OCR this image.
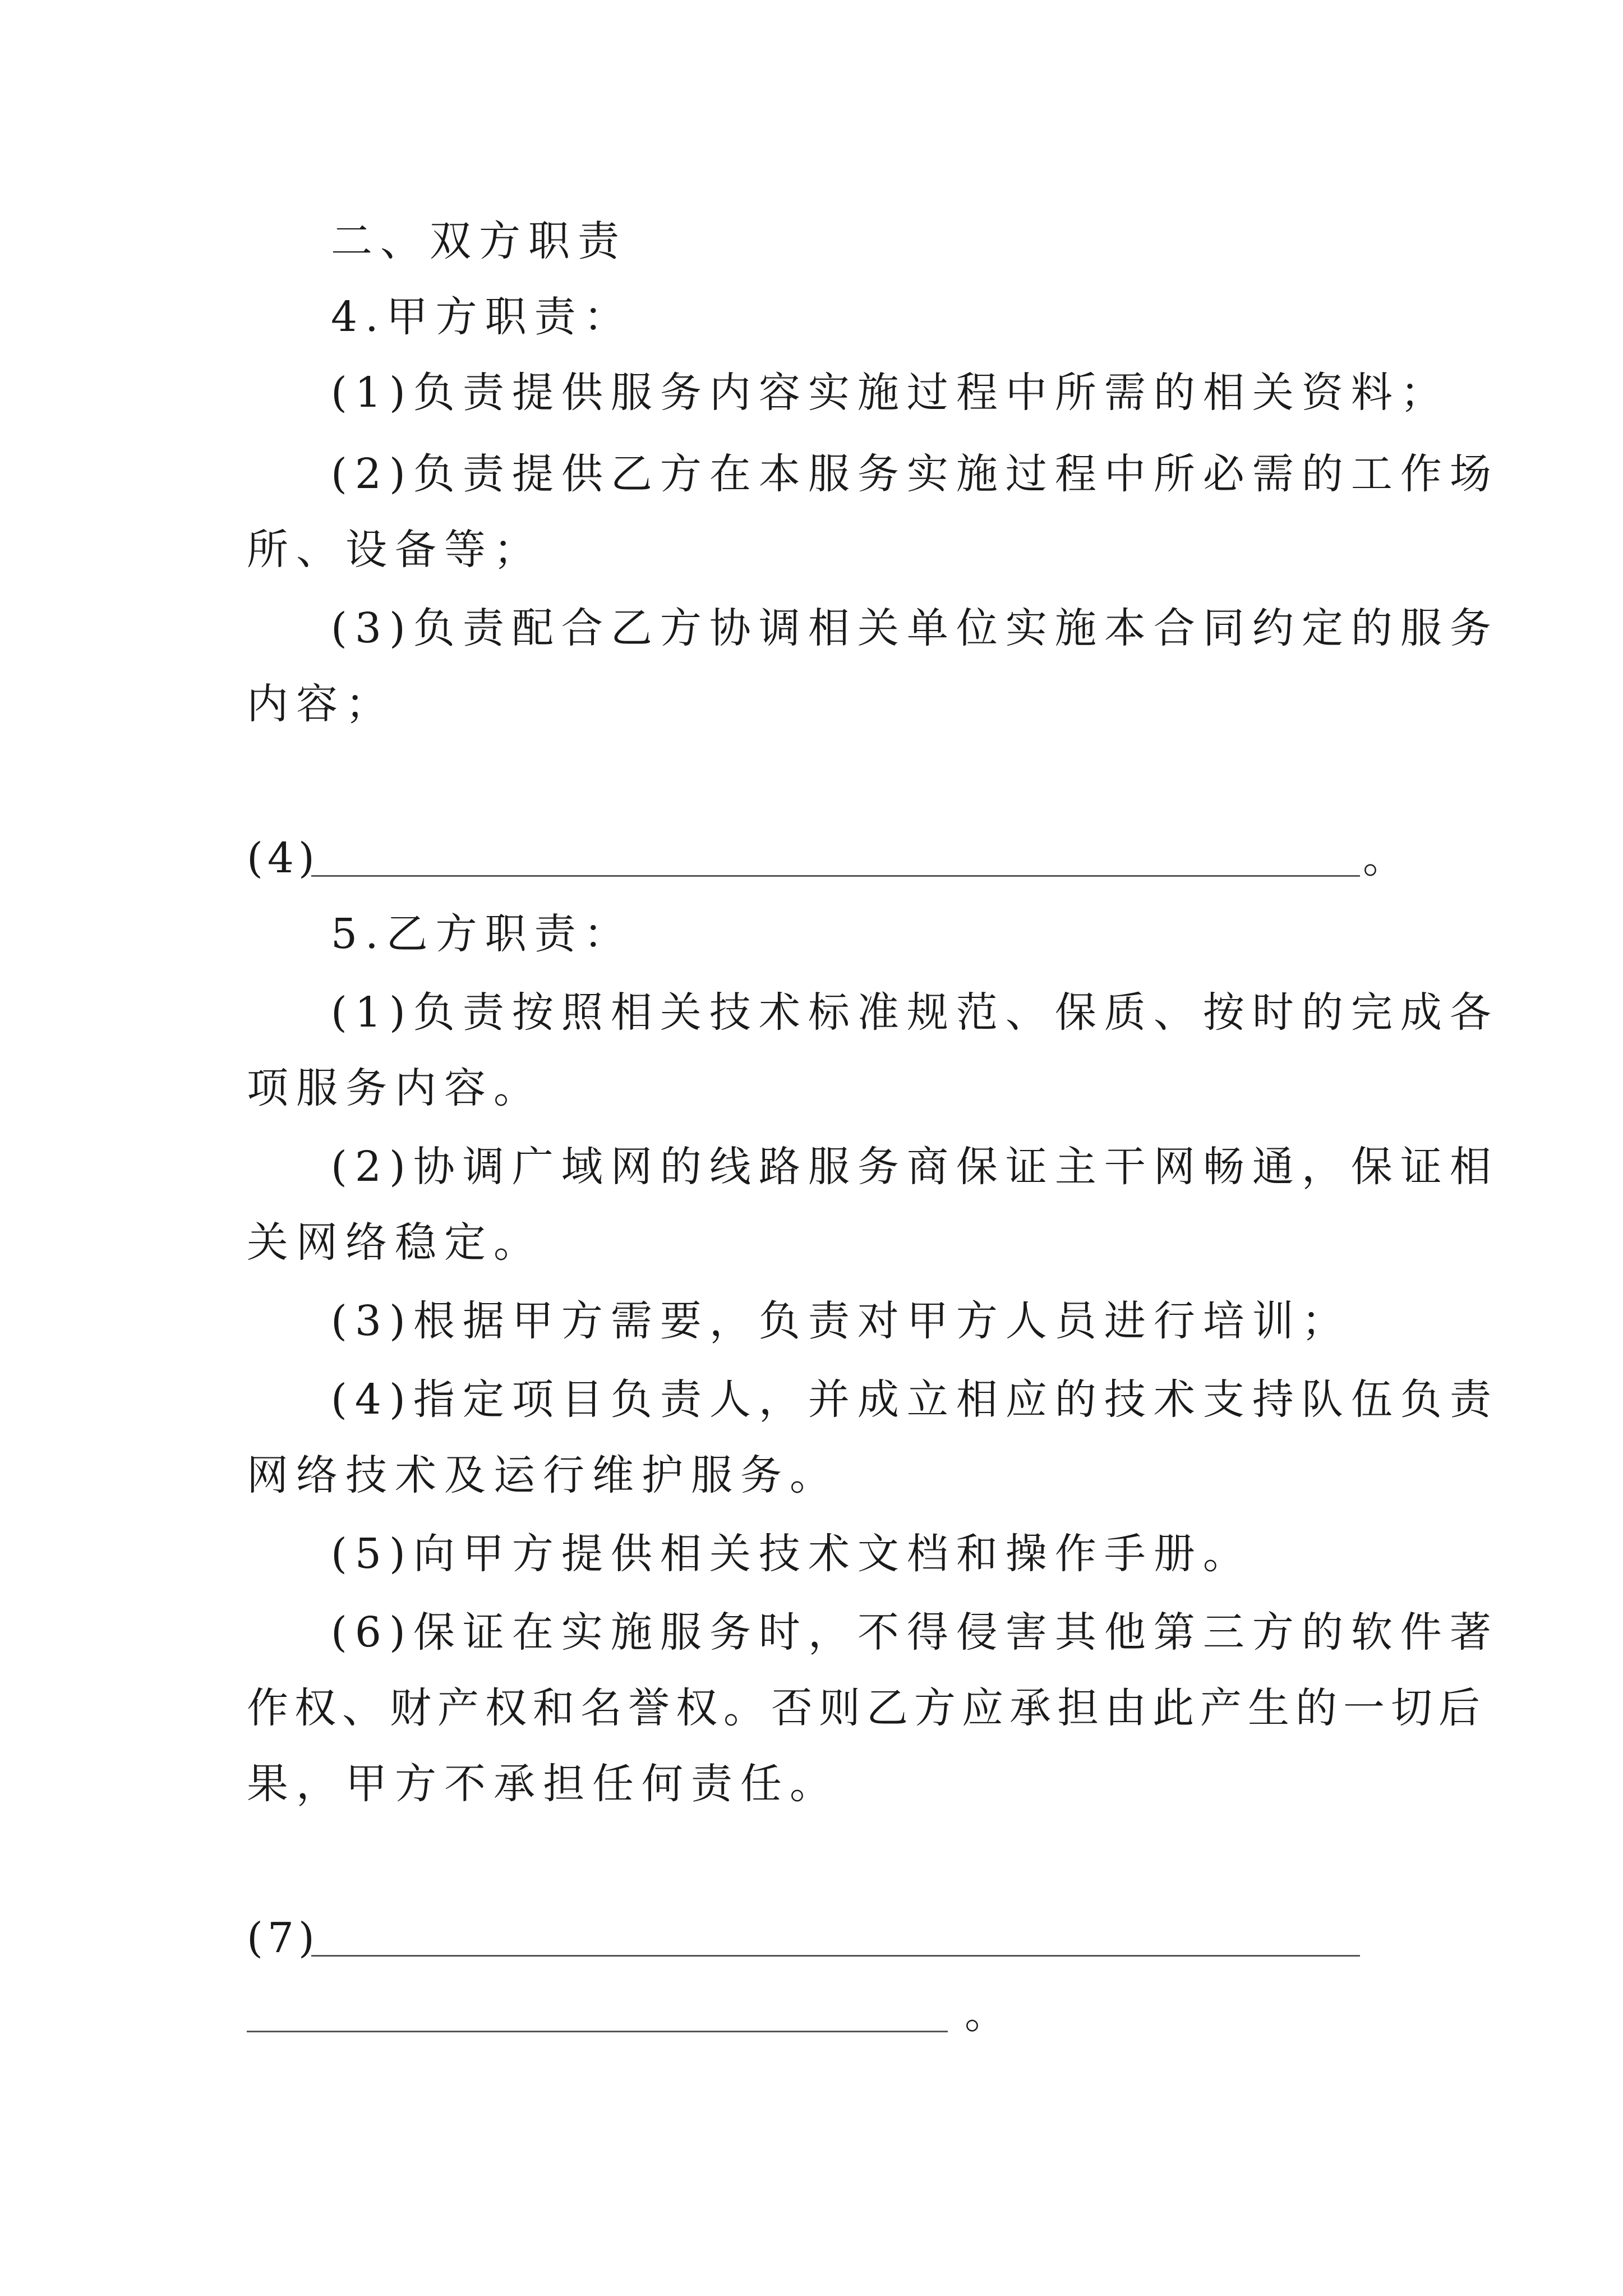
二、双方职责
4.甲方职责：
(1)负责提供服务内容实施过程中所需的相关资料；
(2)负责提供乙方在本服务实施过程中所必需的工作场
所、设备等；
(3)负责配合乙方协调相关单位实施本合同约定的服务
内容；
(4)	。
5.乙方职责：
(1)负责按照相关技术标准规范、保质、按时的完成各
项服务内容。
(2)协调广域网的线路服务商保证主干网畅通，保证相
关网络稳定。
(3)根据甲方需要，负责对甲方人员进行培训；
(4)指定项目负责人，并成立相应的技术支持队伍负责
网络技术及运行维护服务。
(5)向甲方提供相关技术文档和操作手册。
(6)保证在实施服务时，不得侵害其他第三方的软件著
作权、财产权和名誉权。否则乙方应承担由此产生的一切后
果，甲方不承担任何责任。
(7)
。
